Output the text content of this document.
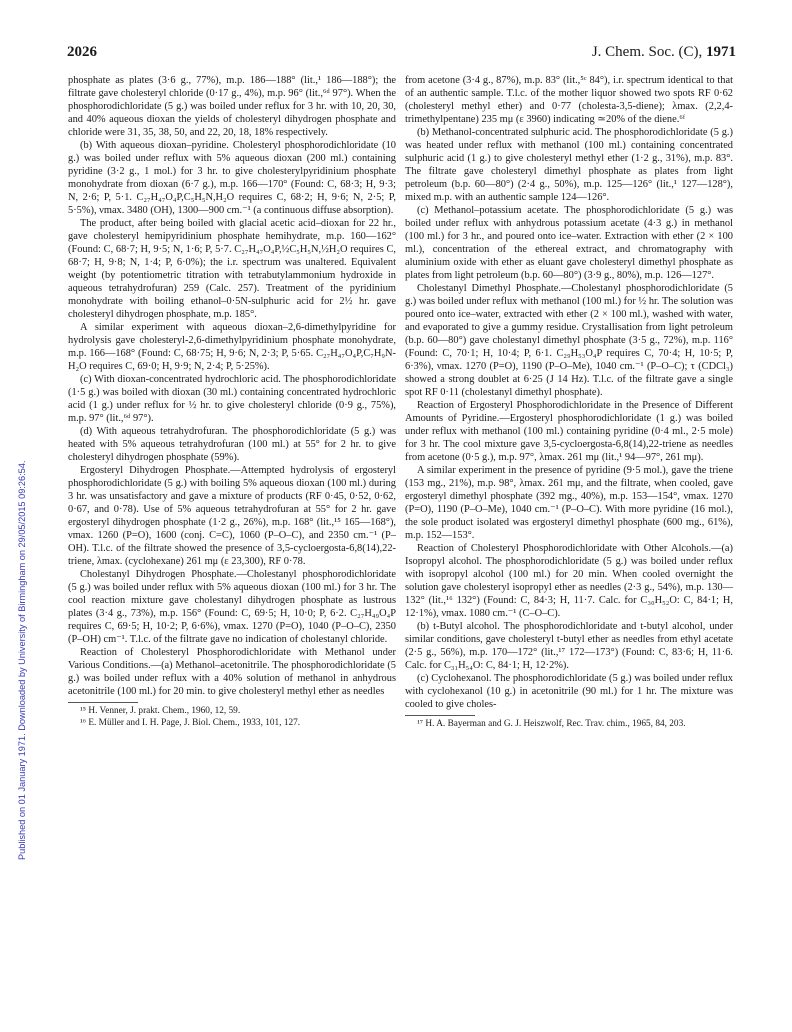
2026	J. Chem. Soc. (C), 1971
Published on 01 January 1971. Downloaded by University of Birmingham on 29/05/2015 09:26:54.

phosphate as plates (3·6 g., 77%), m.p. 186—188° (lit.,¹ 186—188°); the filtrate gave cholesteryl chloride (0·17 g., 4%), m.p. 96° (lit.,⁶ᵈ 97°). When the phosphorodichloridate (5 g.) was boiled under reflux for 3 hr. with 10, 20, 30, and 40% aqueous dioxan the yields of cholesteryl dihydrogen phosphate and chloride were 31, 35, 38, 50, and 22, 20, 18, 18% respectively.

(b) With aqueous dioxan–pyridine. Cholesteryl phosphorodichloridate (10 g.) was boiled under reflux with 5% aqueous dioxan (200 ml.) containing pyridine (3·2 g., 1 mol.) for 3 hr. to give cholesterylpyridinium phosphate monohydrate from dioxan (6·7 g.), m.p. 166—170° (Found: C, 68·3; H, 9·3; N, 2·6; P, 5·1. C₂₇H₄₇O₄P,C₅H₅N,H₂O requires C, 68·2; H, 9·6; N, 2·5; P, 5·5%), νmax. 3480 (OH), 1300—900 cm.⁻¹ (a continuous diffuse absorption).

The product, after being boiled with glacial acetic acid–dioxan for 22 hr., gave cholesteryl hemipyridinium phosphate hemihydrate, m.p. 160—162° (Found: C, 68·7; H, 9·5; N, 1·6; P, 5·7. C₂₇H₄₇O₄P,½C₅H₅N,½H₂O requires C, 68·7; H, 9·8; N, 1·4; P, 6·0%); the i.r. spectrum was unaltered. Equivalent weight (by potentiometric titration with tetrabutylammonium hydroxide in aqueous tetrahydrofuran) 259 (Calc. 257). Treatment of the pyridinium monohydrate with boiling ethanol–0·5N-sulphuric acid for 2½ hr. gave cholesteryl dihydrogen phosphate, m.p. 185°.

A similar experiment with aqueous dioxan–2,6-dimethylpyridine for hydrolysis gave cholesteryl-2,6-dimethylpyridinium phosphate monohydrate, m.p. 166—168° (Found: C, 68·75; H, 9·6; N, 2·3; P, 5·65. C₂₇H₄₇O₄P,C₇H₉N-H₂O requires C, 69·0; H, 9·9; N, 2·4; P, 5·25%).

(c) With dioxan-concentrated hydrochloric acid. The phosphorodichloridate (1·5 g.) was boiled with dioxan (30 ml.) containing concentrated hydrochloric acid (1 g.) under reflux for ½ hr. to give cholesteryl chloride (0·9 g., 75%), m.p. 97° (lit.,⁶ᵈ 97°).

(d) With aqueous tetrahydrofuran. The phosphorodichloridate (5 g.) was heated with 5% aqueous tetrahydrofuran (100 ml.) at 55° for 2 hr. to give cholesteryl dihydrogen phosphate (59%).

Ergosteryl Dihydrogen Phosphate.—Attempted hydrolysis of ergosteryl phosphorodichloridate (5 g.) with boiling 5% aqueous dioxan (100 ml.) during 3 hr. was unsatisfactory and gave a mixture of products (RF 0·45, 0·52, 0·62, 0·67, and 0·78). Use of 5% aqueous tetrahydrofuran at 55° for 2 hr. gave ergosteryl dihydrogen phosphate (1·2 g., 26%), m.p. 168° (lit.,¹⁵ 165—168°), νmax. 1260 (P=O), 1600 (conj. C=C), 1060 (P–O–C), and 2350 cm.⁻¹ (P–OH). T.l.c. of the filtrate showed the presence of 3,5-cycloergosta-6,8(14),22-triene, λmax. (cyclohexane) 261 mμ (ε 23,300), RF 0·78.

Cholestanyl Dihydrogen Phosphate.—Cholestanyl phosphorodichloridate (5 g.) was boiled under reflux with 5% aqueous dioxan (100 ml.) for 3 hr. The cool reaction mixture gave cholestanyl dihydrogen phosphate as lustrous plates (3·4 g., 73%), m.p. 156° (Found: C, 69·5; H, 10·0; P, 6·2. C₂₇H₄₉O₄P requires C, 69·5; H, 10·2; P, 6·6%), νmax. 1270 (P=O), 1040 (P–O–C), 2350 (P–OH) cm⁻¹. T.l.c. of the filtrate gave no indication of cholestanyl chloride.

Reaction of Cholesteryl Phosphorodichloridate with Methanol under Various Conditions.—(a) Methanol–acetonitrile. The phosphorodichloridate (5 g.) was boiled under reflux with a 40% solution of methanol in anhydrous acetonitrile (100 ml.) for 20 min. to give cholesteryl methyl ether as needles

¹⁵ H. Venner, J. prakt. Chem., 1960, 12, 59.

¹⁶ E. Müller and I. H. Page, J. Biol. Chem., 1933, 101, 127.

from acetone (3·4 g., 87%), m.p. 83° (lit.,⁵ᶜ 84°), i.r. spectrum identical to that of an authentic sample. T.l.c. of the mother liquor showed two spots RF 0·62 (cholesteryl methyl ether) and 0·77 (cholesta-3,5-diene); λmax. (2,2,4-trimethylpentane) 235 mμ (ε 3960) indicating ≃20% of the diene.⁶ᶠ

(b) Methanol-concentrated sulphuric acid. The phosphorodichloridate (5 g.) was heated under reflux with methanol (100 ml.) containing concentrated sulphuric acid (1 g.) to give cholesteryl methyl ether (1·2 g., 31%), m.p. 83°. The filtrate gave cholesteryl dimethyl phosphate as plates from light petroleum (b.p. 60—80°) (2·4 g., 50%), m.p. 125—126° (lit.,¹ 127—128°), mixed m.p. with an authentic sample 124—126°.

(c) Methanol–potassium acetate. The phosphorodichloridate (5 g.) was boiled under reflux with anhydrous potassium acetate (4·3 g.) in methanol (100 ml.) for 3 hr., and poured onto ice–water. Extraction with ether (2 × 100 ml.), concentration of the ethereal extract, and chromatography with aluminium oxide with ether as eluant gave cholesteryl dimethyl phosphate as plates from light petroleum (b.p. 60—80°) (3·9 g., 80%), m.p. 126—127°.

Cholestanyl Dimethyl Phosphate.—Cholestanyl phosphorodichloridate (5 g.) was boiled under reflux with methanol (100 ml.) for ½ hr. The solution was poured onto ice–water, extracted with ether (2 × 100 ml.), washed with water, and evaporated to give a gummy residue. Crystallisation from light petroleum (b.p. 60—80°) gave cholestanyl dimethyl phosphate (3·5 g., 72%), m.p. 116° (Found: C, 70·1; H, 10·4; P, 6·1. C₂₉H₅₃O₄P requires C, 70·4; H, 10·5; P, 6·3%), νmax. 1270 (P=O), 1190 (P–O–Me), 1040 cm.⁻¹ (P–O–C); τ (CDCl₃) showed a strong doublet at 6·25 (J 14 Hz). T.l.c. of the filtrate gave a single spot RF 0·11 (cholestanyl dimethyl phosphate).

Reaction of Ergosteryl Phosphorodichloridate in the Presence of Different Amounts of Pyridine.—Ergosteryl phosphorodichloridate (1 g.) was boiled under reflux with methanol (100 ml.) containing pyridine (0·4 ml., 2·5 mole) for 3 hr. The cool mixture gave 3,5-cycloergosta-6,8(14),22-triene as needles from acetone (0·5 g.), m.p. 97°, λmax. 261 mμ (lit.,¹ 94—97°, 261 mμ).

A similar experiment in the presence of pyridine (9·5 mol.), gave the triene (153 mg., 21%), m.p. 98°, λmax. 261 mμ, and the filtrate, when cooled, gave ergosteryl dimethyl phosphate (392 mg., 40%), m.p. 153—154°, νmax. 1270 (P=O), 1190 (P–O–Me), 1040 cm.⁻¹ (P–O–C). With more pyridine (16 mol.), the sole product isolated was ergosteryl dimethyl phosphate (600 mg., 61%), m.p. 152—153°.

Reaction of Cholesteryl Phosphorodichloridate with Other Alcohols.—(a) Isopropyl alcohol. The phosphorodichloridate (5 g.) was boiled under reflux with isopropyl alcohol (100 ml.) for 20 min. When cooled overnight the solution gave cholesteryl isopropyl ether as needles (2·3 g., 54%), m.p. 130—132° (lit.,¹⁶ 132°) (Found: C, 84·3; H, 11·7. Calc. for C₃₀H₅₂O: C, 84·1; H, 12·1%), νmax. 1080 cm.⁻¹ (C–O–C).

(b) t-Butyl alcohol. The phosphorodichloridate and t-butyl alcohol, under similar conditions, gave cholesteryl t-butyl ether as needles from ethyl acetate (2·5 g., 56%), m.p. 170—172° (lit.,¹⁷ 172—173°) (Found: C, 83·6; H, 11·6. Calc. for C₃₁H₅₄O: C, 84·1; H, 12·2%).

(c) Cyclohexanol. The phosphorodichloridate (5 g.) was boiled under reflux with cyclohexanol (10 g.) in acetonitrile (90 ml.) for 1 hr. The mixture was cooled to give choles-

¹⁷ H. A. Bayerman and G. J. Heiszwolf, Rec. Trav. chim., 1965, 84, 203.
